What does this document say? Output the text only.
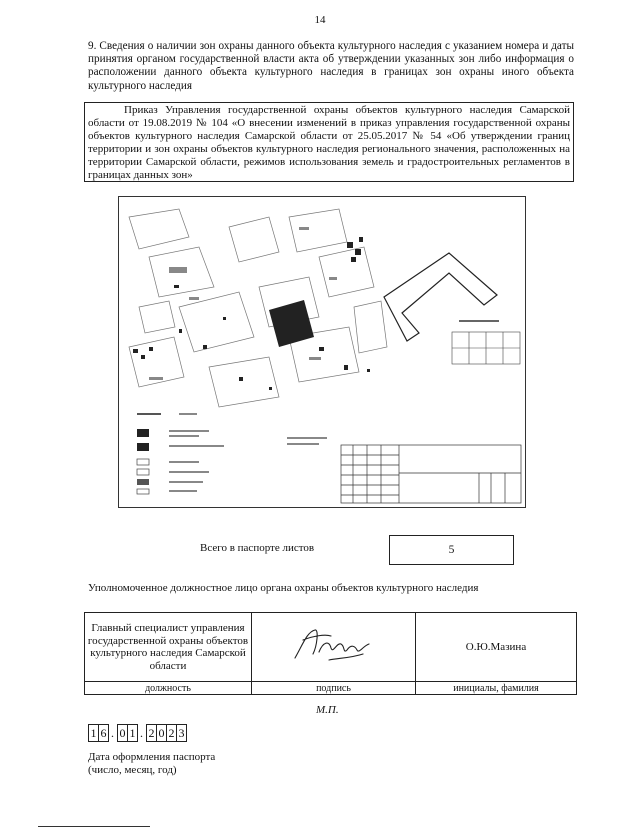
14
9. Сведения о наличии зон охраны данного объекта культурного наследия с указанием номера и даты принятия органом государственной власти акта об утверждении указанных зон либо информация о расположении данного объекта культурного наследия в границах зон охраны иного объекта культурного наследия
Приказ Управления государственной охраны объектов культурного наследия Самарской области от 19.08.2019 № 104 «О внесении изменений в приказ управления государственной охраны объектов культурного наследия Самарской области от 25.05.2017 № 54 «Об утверждении границ территории и зон охраны объектов культурного наследия регионального значения, расположенных на территории Самарской области, режимов использования земель и градостроительных регламентов в границах данных зон»
Всего в паспорте листов	5
Уполномоченное должностное лицо органа охраны объектов культурного наследия
Главный специалист управления государственной охраны объектов культурного наследия Самарской области		О.Ю.Мазина
должность	подпись	инициалы, фамилия
М.П.
1 6 . 0 1 . 2 0 2 3
Дата оформления паспорта
(число, месяц, год)
